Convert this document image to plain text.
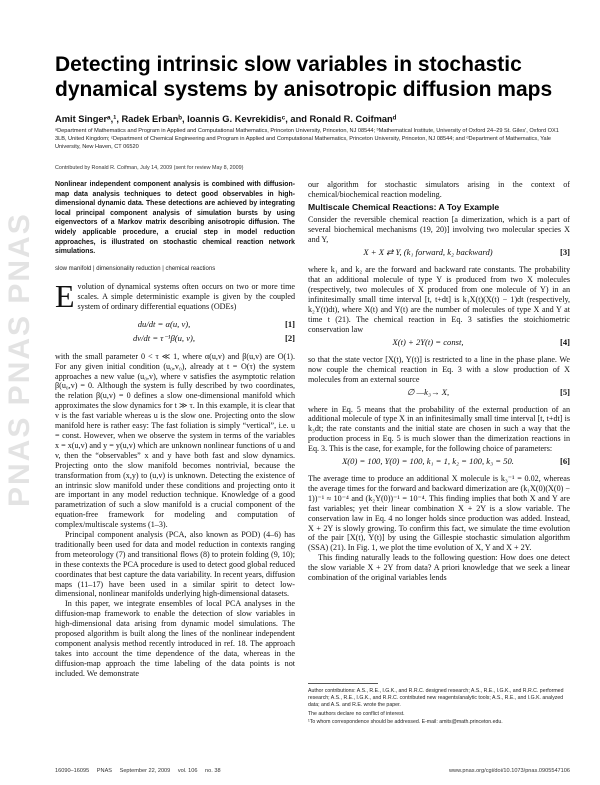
PNAS PNAS PNAS
Detecting intrinsic slow variables in stochastic dynamical systems by anisotropic diffusion maps
Amit Singerᵃ,¹, Radek Erbanᵇ, Ioannis G. Kevrekidisᶜ, and Ronald R. Coifmanᵈ
ᵃDepartment of Mathematics and Program in Applied and Computational Mathematics, Princeton University, Princeton, NJ 08544; ᵇMathematical Institute, University of Oxford 24–29 St. Giles', Oxford OX1 3LB, United Kingdom; ᶜDepartment of Chemical Engineering and Program in Applied and Computational Mathematics, Princeton University, Princeton, NJ 08544; and ᵈDepartment of Mathematics, Yale University, New Haven, CT 06520
Contributed by Ronald R. Coifman, July 14, 2009 (sent for review May 8, 2009)
Nonlinear independent component analysis is combined with diffusion-map data analysis techniques to detect good observables in high-dimensional dynamic data. These detections are achieved by integrating local principal component analysis of simulation bursts by using eigenvectors of a Markov matrix describing anisotropic diffusion. The widely applicable procedure, a crucial step in model reduction approaches, is illustrated on stochastic chemical reaction network simulations.
slow manifold | dimensionality reduction | chemical reactions

Evolution of dynamical systems often occurs on two or more time scales. A simple deterministic example is given by the coupled system of ordinary differential equations (ODEs)

du/dt = α(u, v),	[1]
dv/dt = τ⁻¹β(u, v),	[2]

with the small parameter 0 < τ ≪ 1, where α(u,v) and β(u,v) are O(1). For any given initial condition (u₀,v₀), already at t = O(τ) the system approaches a new value (u₀,v), where v satisfies the asymptotic relation β(u₀,v) = 0. Although the system is fully described by two coordinates, the relation β(u,v) = 0 defines a slow one-dimensional manifold which approximates the slow dynamics for t ≫ τ. In this example, it is clear that v is the fast variable whereas u is the slow one. Projecting onto the slow manifold here is rather easy: The fast foliation is simply “vertical”, i.e. u = const. However, when we observe the system in terms of the variables x = x(u,v) and y = y(u,v) which are unknown nonlinear functions of u and v, then the “observables” x and y have both fast and slow dynamics. Projecting onto the slow manifold becomes nontrivial, because the transformation from (x,y) to (u,v) is unknown. Detecting the existence of an intrinsic slow manifold under these conditions and projecting onto it are important in any model reduction technique. Knowledge of a good parametrization of such a slow manifold is a crucial component of the equation-free framework for modeling and computation of complex/multiscale systems (1–3).

Principal component analysis (PCA, also known as POD) (4–6) has traditionally been used for data and model reduction in contexts ranging from meteorology (7) and transitional flows (8) to protein folding (9, 10); in these contexts the PCA procedure is used to detect good global reduced coordinates that best capture the data variability. In recent years, diffusion maps (11–17) have been used in a similar spirit to detect low-dimensional, nonlinear manifolds underlying high-dimensional datasets.

In this paper, we integrate ensembles of local PCA analyses in the diffusion-map framework to enable the detection of slow variables in high-dimensional data arising from dynamic model simulations. The proposed algorithm is built along the lines of the nonlinear independent component analysis method recently introduced in ref. 18. The approach takes into account the time dependence of the data, whereas in the diffusion-map approach the time labeling of the data points is not included. We demonstrate

our algorithm for stochastic simulators arising in the context of chemical/biochemical reaction modeling.

Multiscale Chemical Reactions: A Toy Example

Consider the reversible chemical reaction [a dimerization, which is a part of several biochemical mechanisms (19, 20)] involving two molecular species X and Y,

X + X ⇄ Y, (k₁ forward, k₂ backward)	[3]

where k₁ and k₂ are the forward and backward rate constants. The probability that an additional molecule of type Y is produced from two X molecules (respectively, two molecules of X produced from one molecule of Y) in an infinitesimally small time interval [t, t+dt] is k₁X(t)(X(t) − 1)dt (respectively, k₂Y(t)dt), where X(t) and Y(t) are the number of molecules of type X and Y at time t (21). The chemical reaction in Eq. 3 satisfies the stoichiometric conservation law

X(t) + 2Y(t) = const,	[4]

so that the state vector [X(t), Y(t)] is restricted to a line in the phase plane. We now couple the chemical reaction in Eq. 3 with a slow production of X molecules from an external source

∅ —k₃→ X,	[5]

where in Eq. 5 means that the probability of the external production of an additional molecule of type X in an infinitesimally small time interval [t, t+dt] is k₃dt; the rate constants and the initial state are chosen in such a way that the production process in Eq. 5 is much slower than the dimerization reactions in Eq. 3. This is the case, for example, for the following choice of parameters:

X(0) = 100, Y(0) = 100, k₁ = 1, k₂ = 100, k₃ = 50.	[6]

The average time to produce an additional X molecule is k₃⁻¹ = 0.02, whereas the average times for the forward and backward dimerization are (k₁X(0)(X(0) − 1))⁻¹ ≈ 10⁻⁴ and (k₂Y(0))⁻¹ = 10⁻⁴. This finding implies that both X and Y are fast variables; yet their linear combination X + 2Y is a slow variable. The conservation law in Eq. 4 no longer holds since production was added. Instead, X + 2Y is slowly growing. To confirm this fact, we simulate the time evolution of the pair [X(t), Y(t)] by using the Gillespie stochastic simulation algorithm (SSA) (21). In Fig. 1, we plot the time evolution of X, Y and X + 2Y.

This finding naturally leads to the following question: How does one detect the slow variable X + 2Y from data? A priori knowledge that we seek a linear combination of the original variables lends

Author contributions: A.S., R.E., I.G.K., and R.R.C. designed research; A.S., R.E., I.G.K., and R.R.C. performed research; A.S., R.E., I.G.K., and R.R.C. contributed new reagents/analytic tools; A.S., R.E., and I.G.K. analyzed data; and A.S. and R.E. wrote the paper.
The authors declare no conflict of interest.
¹To whom correspondence should be addressed. E-mail: amits@math.princeton.edu.
16090–16095 PNAS September 22, 2009 vol. 106 no. 38	www.pnas.org/cgi/doi/10.1073/pnas.0905547106
